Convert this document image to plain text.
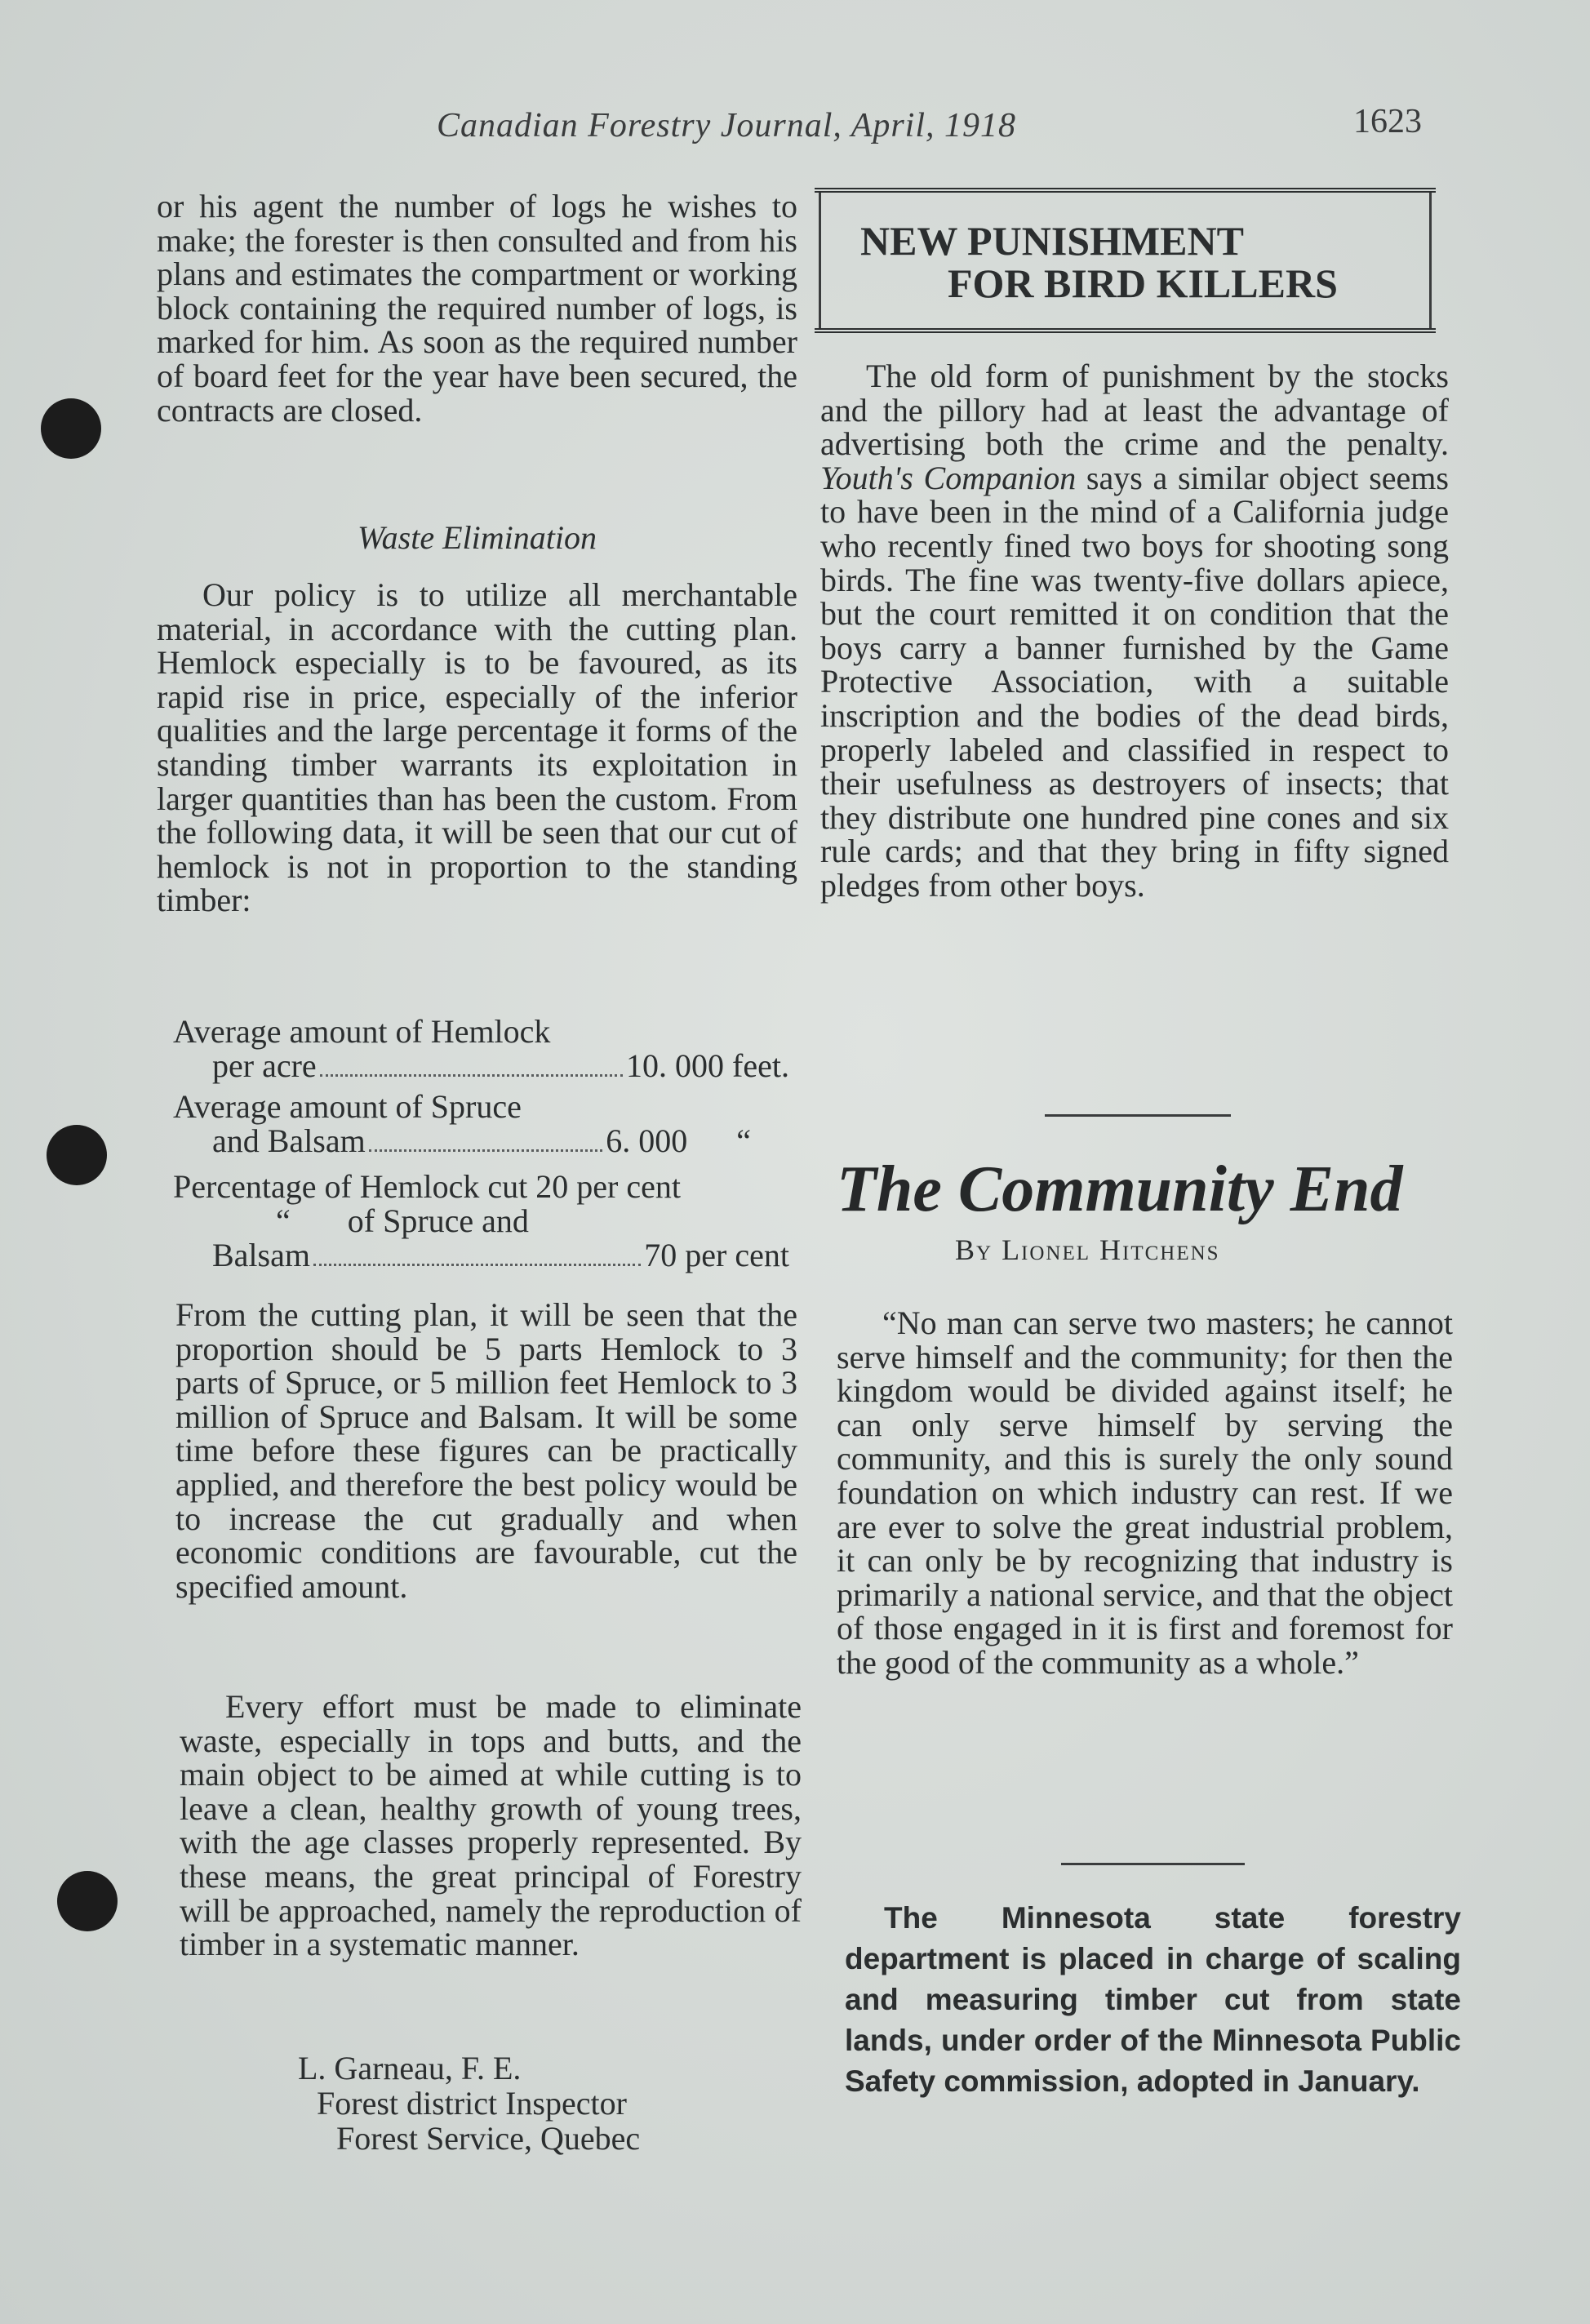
Canadian Forestry Journal, April, 1918	1623

or his agent the number of logs he wishes to make; the forester is then consulted and from his plans and estimates the compartment or working block containing the required number of logs, is marked for him. As soon as the required number of board feet for the year have been secured, the contracts are closed.

Waste Elimination

Our policy is to utilize all merchantable material, in accordance with the cutting plan. Hemlock especially is to be favoured, as its rapid rise in price, especially of the inferior qualities and the large percentage it forms of the standing timber warrants its exploitation in larger quantities than has been the custom. From the following data, it will be seen that our cut of hemlock is not in proportion to the standing timber:

Average amount of Hemlock
per acre	10. 000 feet.
Average amount of Spruce
and Balsam	6. 000 “
Percentage of Hemlock cut 20 per cent
“ of Spruce and
Balsam	70 per cent

From the cutting plan, it will be seen that the proportion should be 5 parts Hemlock to 3 parts of Spruce, or 5 million feet Hemlock to 3 million of Spruce and Balsam. It will be some time before these figures can be practically applied, and therefore the best policy would be to increase the cut gradually and when economic conditions are favourable, cut the specified amount.

Every effort must be made to eliminate waste, especially in tops and butts, and the main object to be aimed at while cutting is to leave a clean, healthy growth of young trees, with the age classes properly represented. By these means, the great principal of Forestry will be approached, namely the reproduction of timber in a systematic manner.

L. Garneau, F. E.
Forest district Inspector
Forest Service, Quebec
NEW PUNISHMENT
FOR BIRD KILLERS

The old form of punishment by the stocks and the pillory had at least the advantage of advertising both the crime and the penalty. Youth's Companion says a similar object seems to have been in the mind of a California judge who recently fined two boys for shooting song birds. The fine was twenty-five dollars apiece, but the court remitted it on condition that the boys carry a banner furnished by the Game Protective Association, with a suitable inscription and the bodies of the dead birds, properly labeled and classified in respect to their usefulness as destroyers of insects; that they distribute one hundred pine cones and six rule cards; and that they bring in fifty signed pledges from other boys.

The Community End
By Lionel Hitchens

“No man can serve two masters; he cannot serve himself and the community; for then the kingdom would be divided against itself; he can only serve himself by serving the community, and this is surely the only sound foundation on which industry can rest. If we are ever to solve the great industrial problem, it can only be by recognizing that industry is primarily a national service, and that the object of those engaged in it is first and foremost for the good of the community as a whole.”

The Minnesota state forestry department is placed in charge of scaling and measuring timber cut from state lands, under order of the Minnesota Public Safety commission, adopted in January.
